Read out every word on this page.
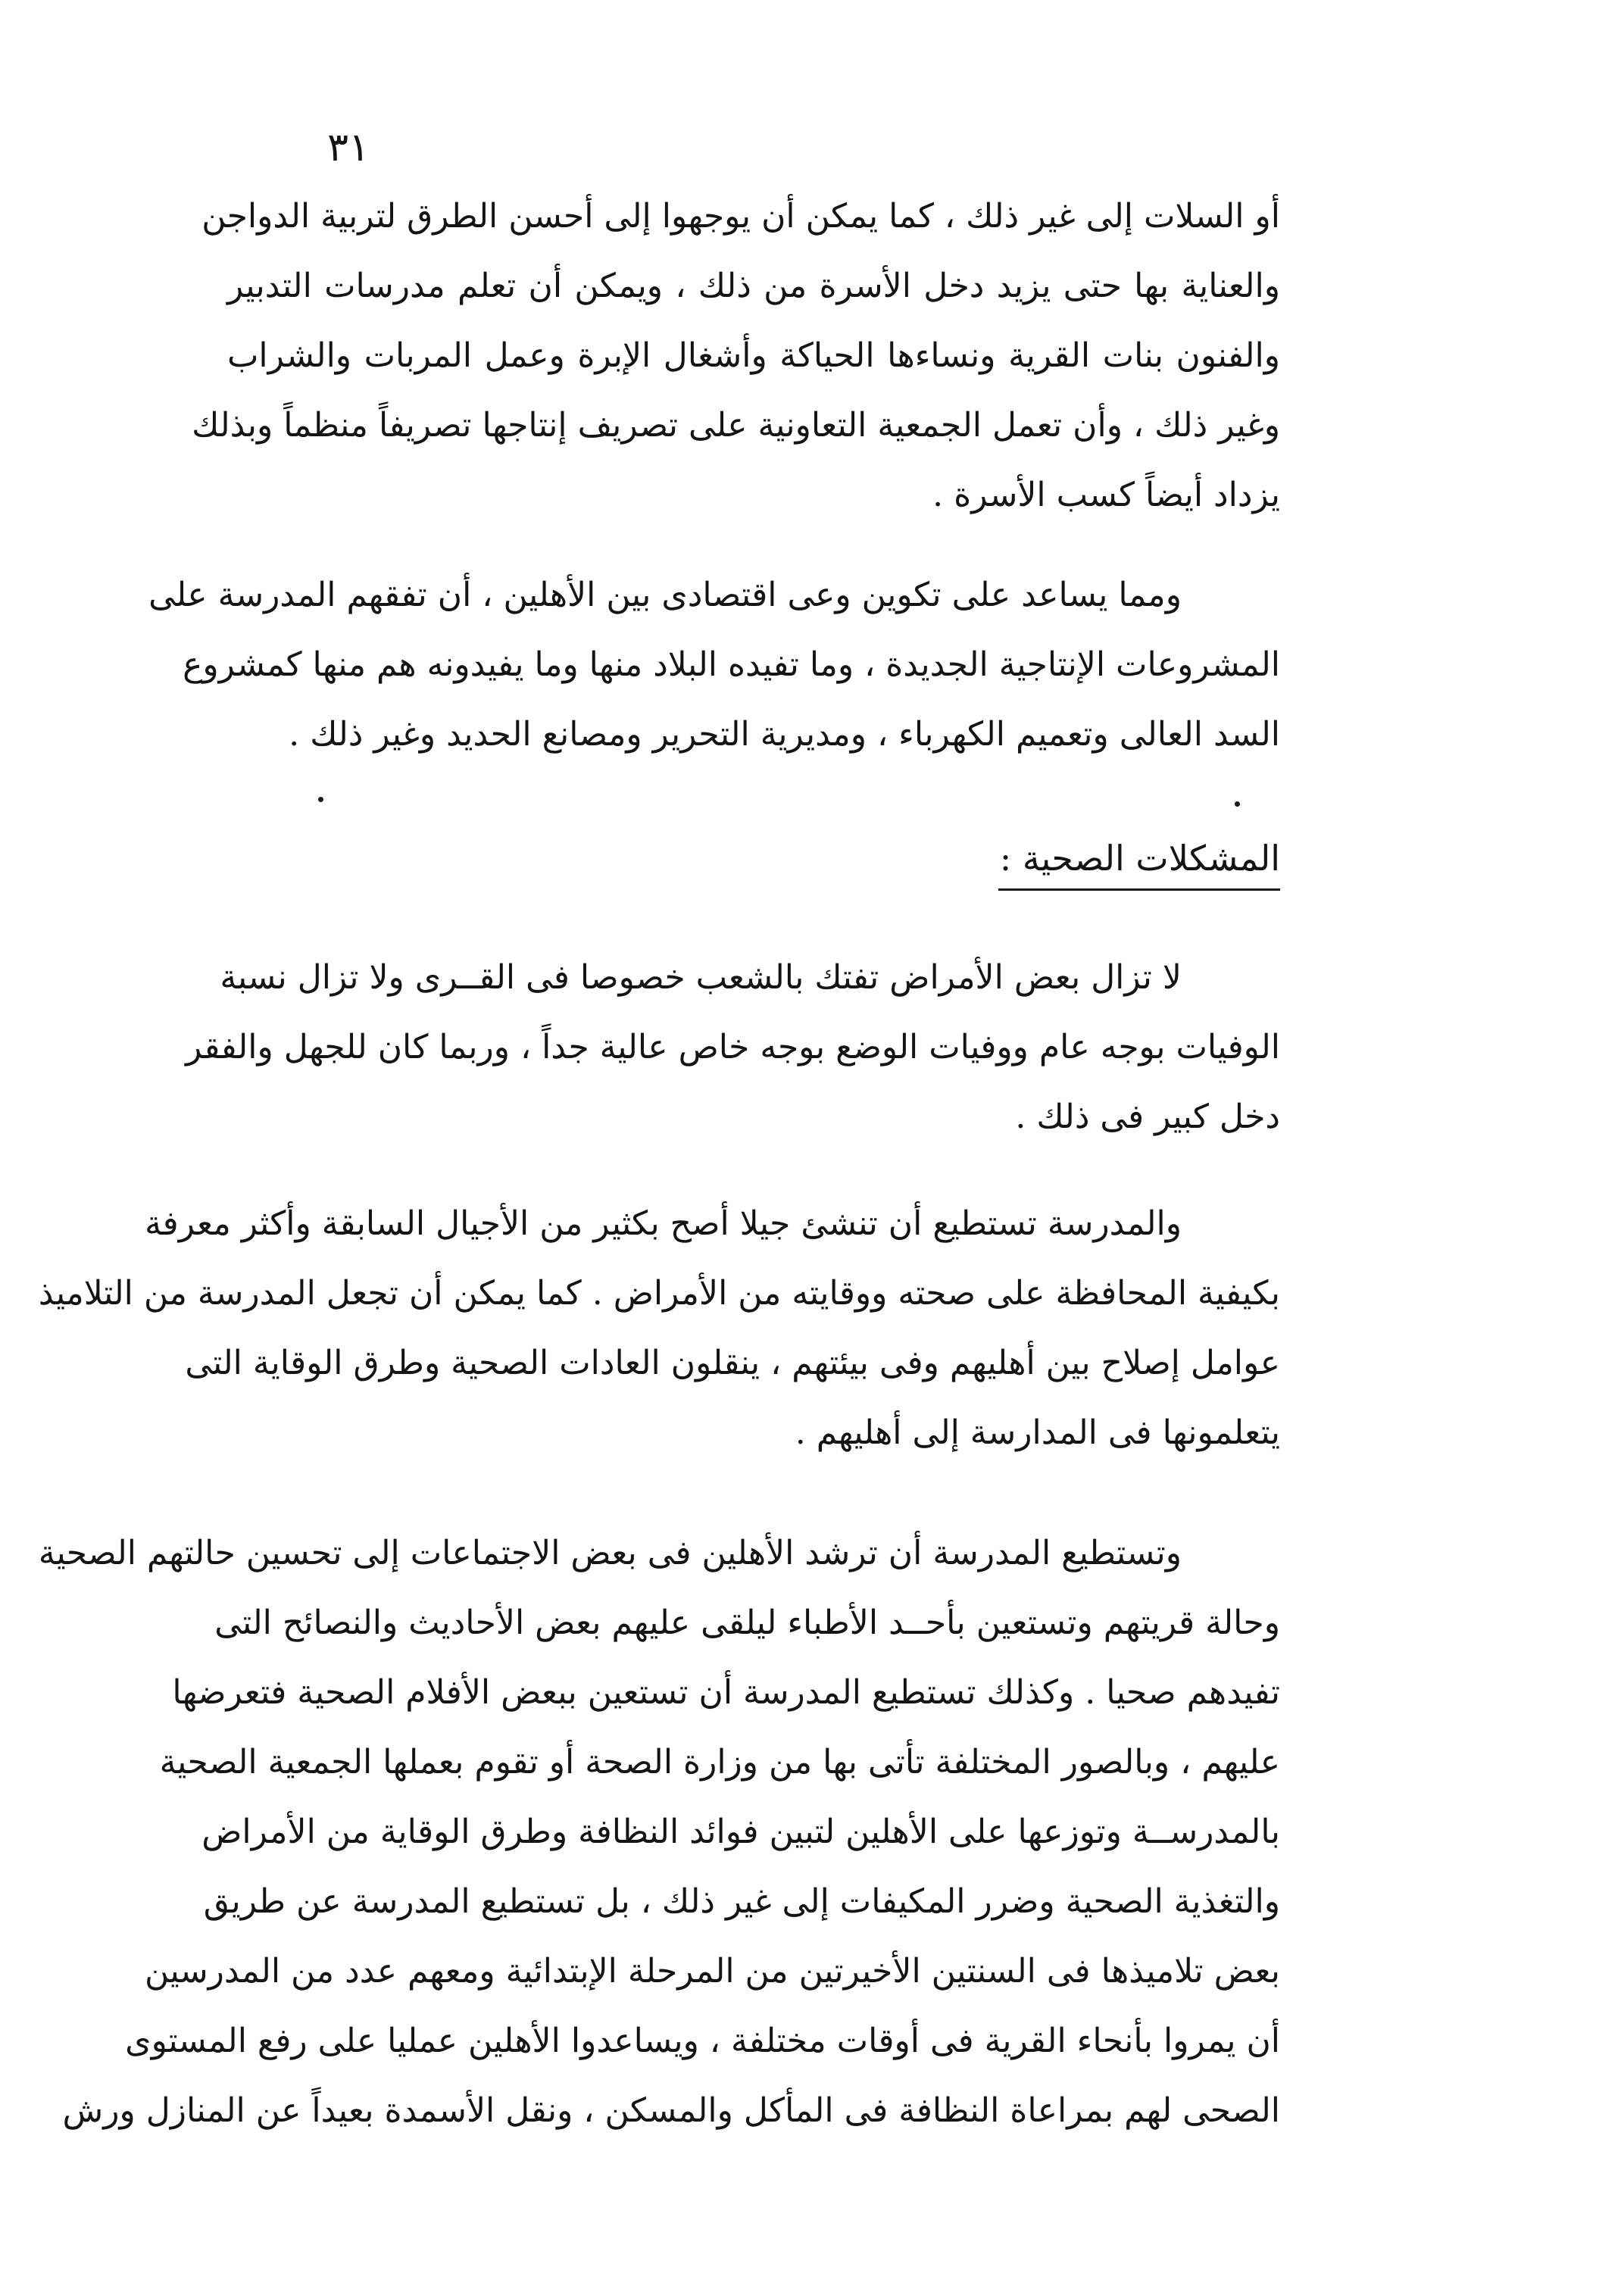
٣١
أو السلات إلى غير ذلك ، كما يمكن أن يوجهوا إلى أحسن الطرق لتربية الدواجن
والعناية بها حتى يزيد دخل الأسرة من ذلك ، ويمكن أن تعلم مدرسات التدبير
والفنون بنات القرية ونساءها الحياكة وأشغال الإبرة وعمل المربات والشراب
وغير ذلك ، وأن تعمل الجمعية التعاونية على تصريف إنتاجها تصريفاً منظماً وبذلك
يزداد أيضاً كسب الأسرة .
ومما يساعد على تكوين وعى اقتصادى بين الأهلين ، أن تفقهم المدرسة على
المشروعات الإنتاجية الجديدة ، وما تفيده البلاد منها وما يفيدونه هم منها كمشروع
السد العالى وتعميم الكهرباء ، ومديرية التحرير ومصانع الحديد وغير ذلك .
المشكلات الصحية :
لا تزال بعض الأمراض تفتك بالشعب خصوصا فى القــرى ولا تزال نسبة
الوفيات بوجه عام ووفيات الوضع بوجه خاص عالية جداً ، وربما كان للجهل والفقر
دخل كبير فى ذلك .
والمدرسة تستطيع أن تنشئ جيلا أصح بكثير من الأجيال السابقة وأكثر معرفة
بكيفية المحافظة على صحته ووقايته من الأمراض . كما يمكن أن تجعل المدرسة من التلاميذ
عوامل إصلاح بين أهليهم وفى بيئتهم ، ينقلون العادات الصحية وطرق الوقاية التى
يتعلمونها فى المدارسة إلى أهليهم .
وتستطيع المدرسة أن ترشد الأهلين فى بعض الاجتماعات إلى تحسين حالتهم الصحية
وحالة قريتهم وتستعين بأحــد الأطباء ليلقى عليهم بعض الأحاديث والنصائح التى
تفيدهم صحيا . وكذلك تستطيع المدرسة أن تستعين ببعض الأفلام الصحية فتعرضها
عليهم ، وبالصور المختلفة تأتى بها من وزارة الصحة أو تقوم بعملها الجمعية الصحية
بالمدرســة وتوزعها على الأهلين لتبين فوائد النظافة وطرق الوقاية من الأمراض
والتغذية الصحية وضرر المكيفات إلى غير ذلك ، بل تستطيع المدرسة عن طريق
بعض تلاميذها فى السنتين الأخيرتين من المرحلة الإبتدائية ومعهم عدد من المدرسين
أن يمروا بأنحاء القرية فى أوقات مختلفة ، ويساعدوا الأهلين عمليا على رفع المستوى
الصحى لهم بمراعاة النظافة فى المأكل والمسكن ، ونقل الأسمدة بعيداً عن المنازل ورش
